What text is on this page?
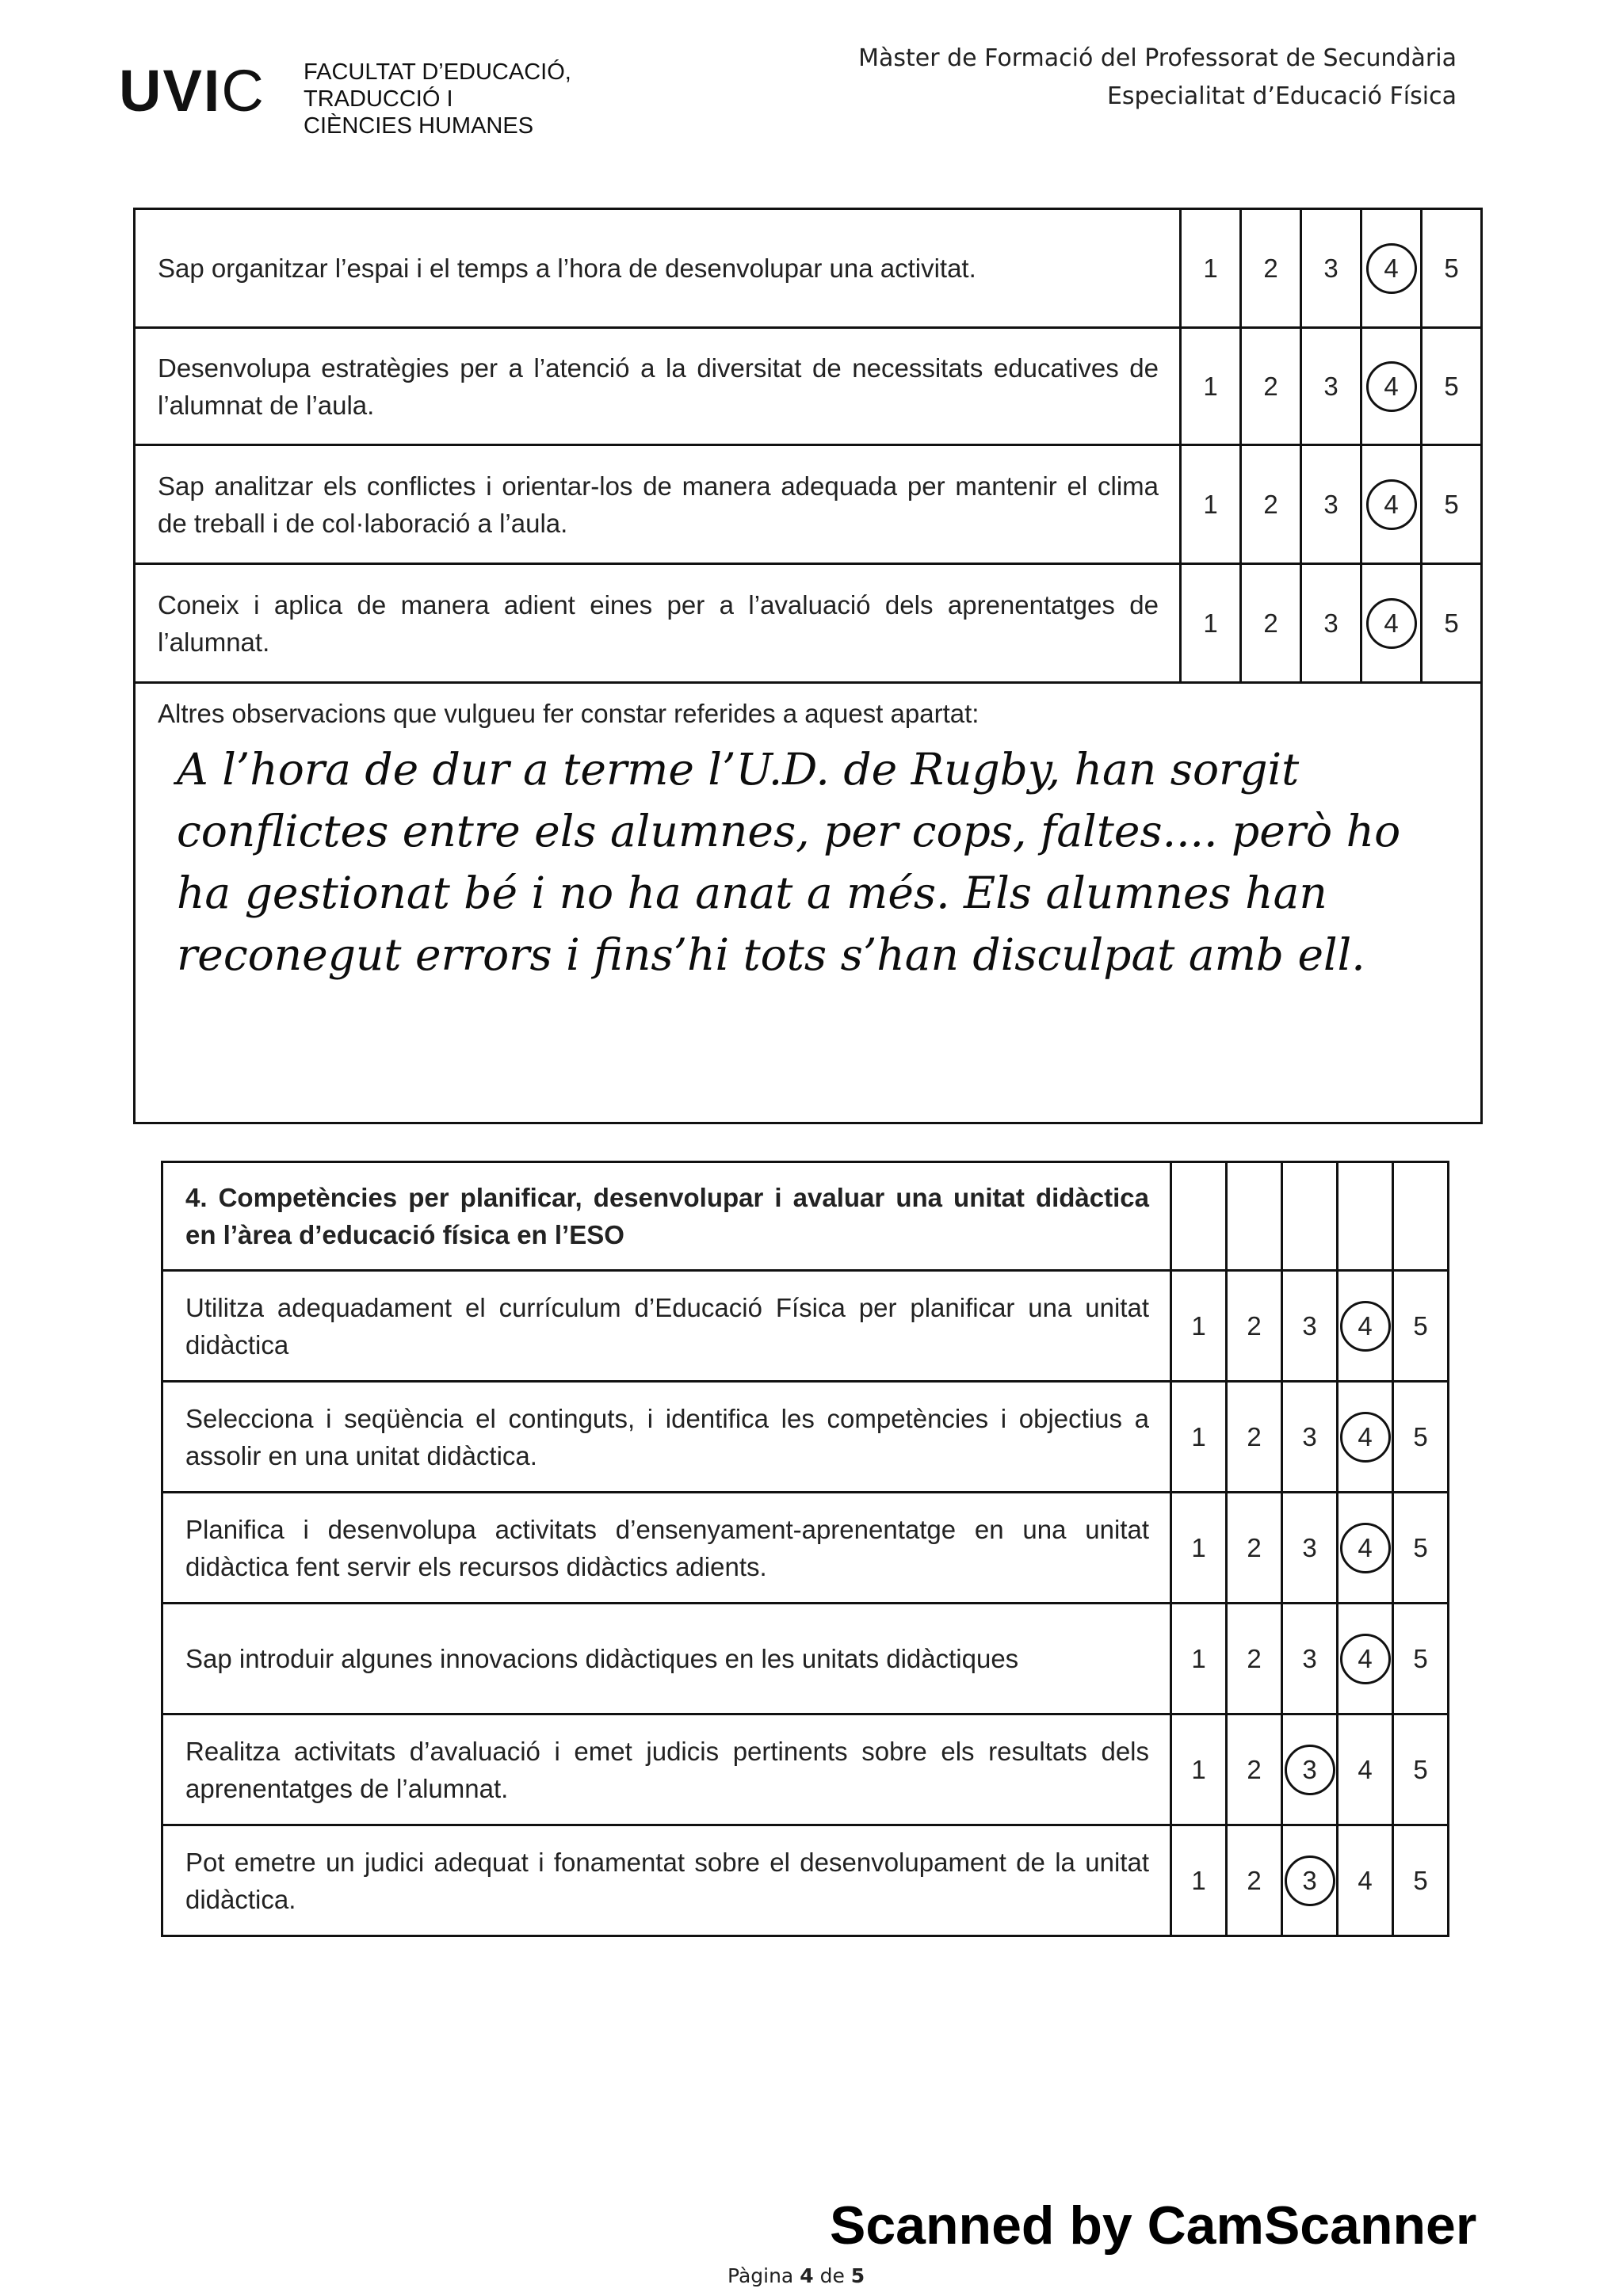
UVIC FACULTAT D’EDUCACIÓ,
TRADUCCIÓ I
CIÈNCIES HUMANES
Màster de Formació del Professorat de Secundària
Especialitat d’Educació Física
Sap organitzar l’espai i el temps a l’hora de desenvolupar una activitat.	1	2	3	4	5
Desenvolupa estratègies per a l’atenció a la diversitat de necessitats educatives de l’alumnat de l’aula.	1	2	3	4	5
Sap analitzar els conflictes i orientar-los de manera adequada per mantenir el clima de treball i de col·laboració a l’aula.	1	2	3	4	5
Coneix i aplica de manera adient eines per a l’avaluació dels aprenentatges de l’alumnat.	1	2	3	4	5

Altres observacions que vulgueu fer constar referides a aquest apartat:
A l’hora de dur a terme l’U.D. de Rugby, han sorgit conflictes entre els alumnes, per cops, faltes.... però ho ha gestionat bé i no ha anat a més. Els alumnes han reconegut errors i fins’hi tots s’han disculpat amb ell.					
4. Competències per planificar, desenvolupar i avaluar una unitat didàctica en l’àrea d’educació física en l’ESO					
Utilitza adequadament el currículum d’Educació Física per planificar una unitat didàctica	1	2	3	4	5
Selecciona i seqüència el continguts, i identifica les competències i objectius a assolir en una unitat didàctica.	1	2	3	4	5
Planifica i desenvolupa activitats d’ensenyament-aprenentatge en una unitat didàctica fent servir els recursos didàctics adients.	1	2	3	4	5
Sap introduir algunes innovacions didàctiques en les unitats didàctiques	1	2	3	4	5
Realitza activitats d’avaluació i emet judicis pertinents sobre els resultats dels aprenentatges de l’alumnat.	1	2	3	4	5
Pot emetre un judici adequat i fonamentat sobre el desenvolupament de la unitat didàctica.	1	2	3	4	5
Scanned by CamScanner
Pàgina 4 de 5
